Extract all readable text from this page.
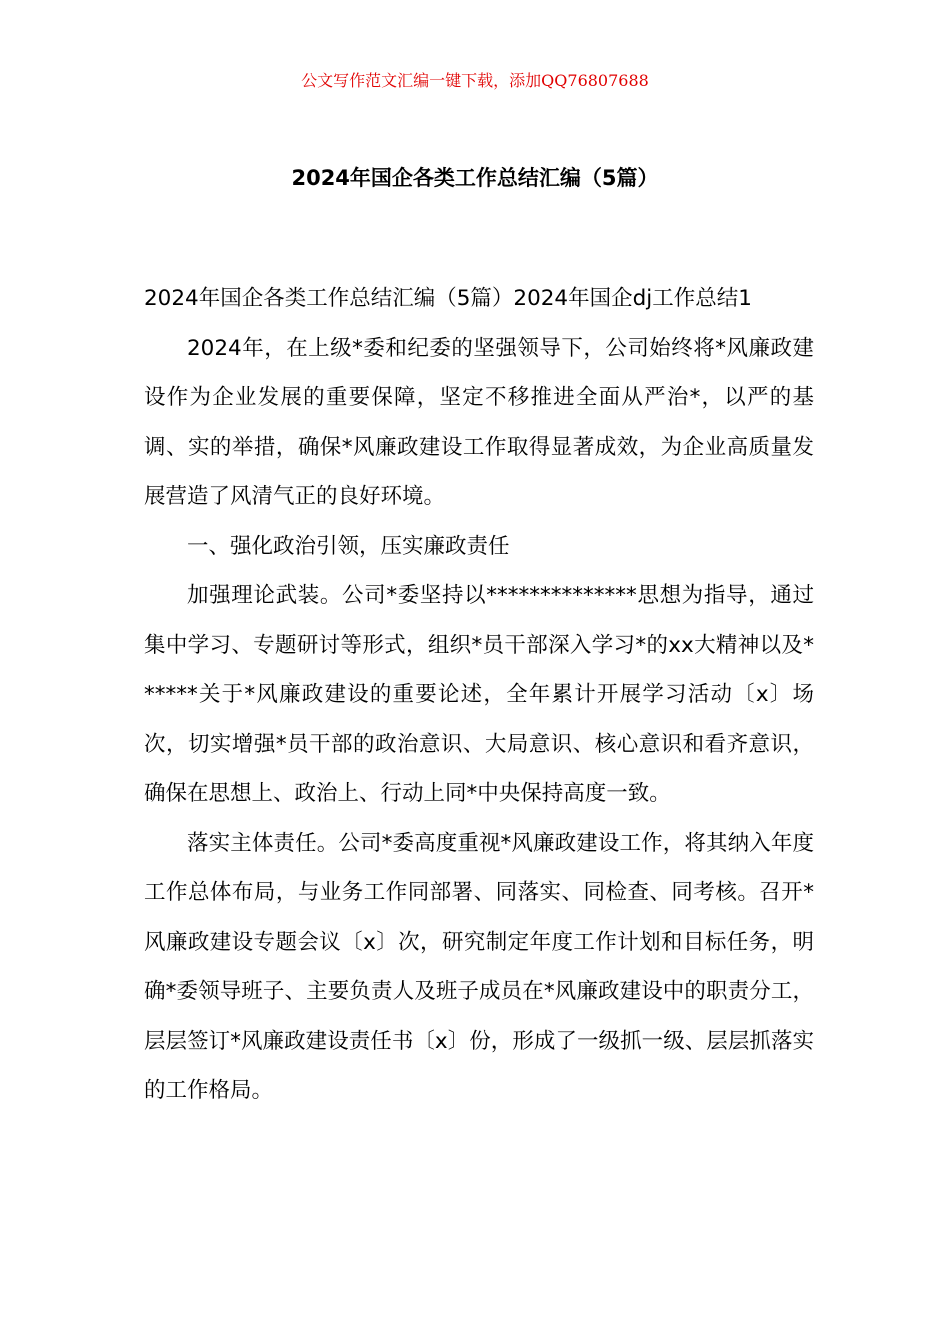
公文写作范文汇编一键下载，添加QQ76807688
2024年国企各类工作总结汇编（5篇）

2024年国企各类工作总结汇编（5篇）2024年国企dj工作总结1

2024年，在上级*委和纪委的坚强领导下，公司始终将*风廉政建设作为企业发展的重要保障，坚定不移推进全面从严治*，以严的基调、实的举措，确保*风廉政建设工作取得显著成效，为企业高质量发展营造了风清气正的良好环境。

一、强化政治引领，压实廉政责任

加强理论武装。公司*委坚持以**************思想为指导，通过集中学习、专题研讨等形式，组织*员干部深入学习*的xx大精神以及******关于*风廉政建设的重要论述，全年累计开展学习活动〔x〕场次，切实增强*员干部的政治意识、大局意识、核心意识和看齐意识，确保在思想上、政治上、行动上同*中央保持高度一致。

落实主体责任。公司*委高度重视*风廉政建设工作，将其纳入年度工作总体布局，与业务工作同部署、同落实、同检查、同考核。召开*风廉政建设专题会议〔x〕次，研究制定年度工作计划和目标任务，明确*委领导班子、主要负责人及班子成员在*风廉政建设中的职责分工，层层签订*风廉政建设责任书〔x〕份，形成了一级抓一级、层层抓落实的工作格局。
